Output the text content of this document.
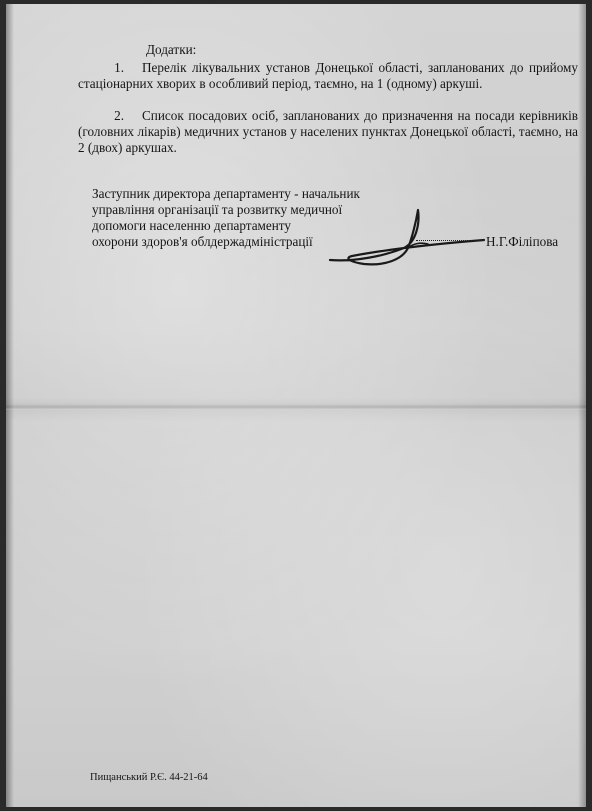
Додатки:
1. Перелік лікувальних установ Донецької області, запланованих до прийому стаціонарних хворих в особливий період, таємно, на 1 (одному) аркуші.
2. Список посадових осіб, запланованих до призначення на посади керівників (головних лікарів) медичних установ у населених пунктах Донецької області, таємно, на 2 (двох) аркушах.
Заступник директора департаменту - начальник
управління організації та розвитку медичної
допомоги населенню департаменту
охорони здоров'я облдержадміністрації	Н.Г.Філіпова
Пищанський Р.Є. 44-21-64
